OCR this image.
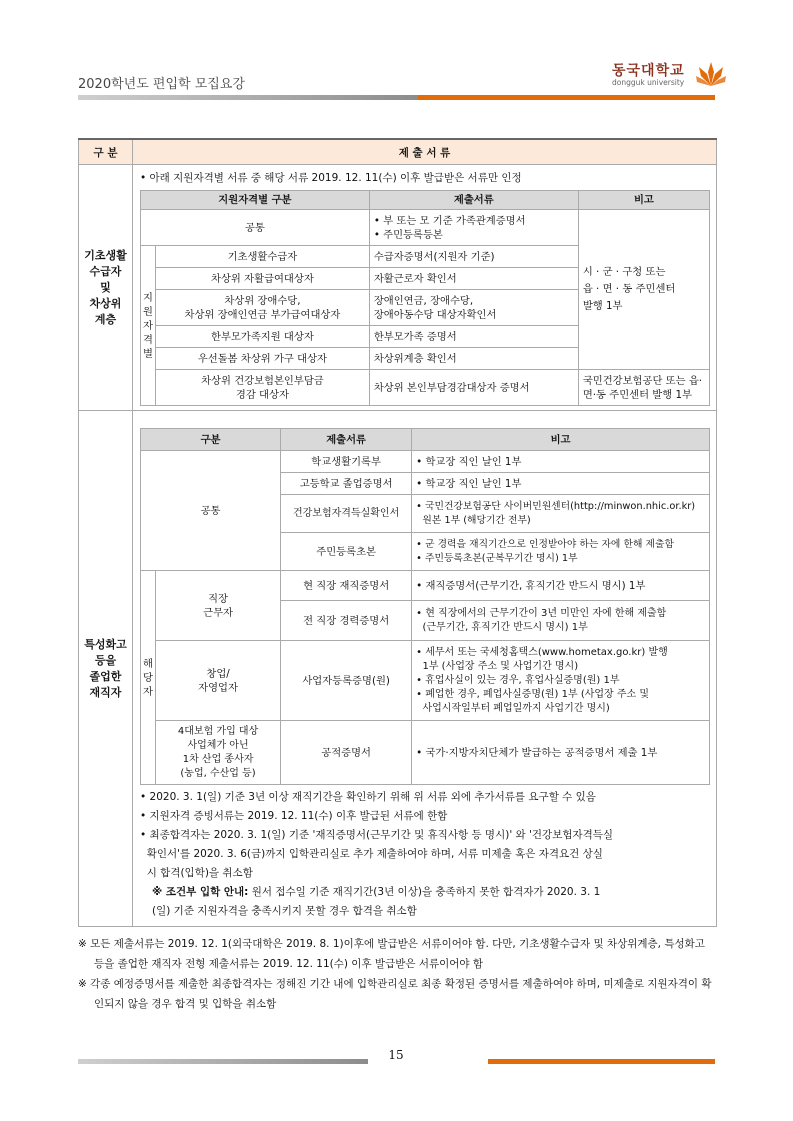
2020학년도 편입학 모집요강
동국대학교
dongguk university
구 분	제 출 서 류

기초생활
수급자
및
차상위
계층

• 아래 지원자격별 서류 중 해당 서류 2019. 12. 11(수) 이후 발급받은 서류만 인정
지원자격별 구분	제출서류	비고
공통	
• 부 또는 모 기준 가족관계증명서
• 주민등록등본
	시 · 군 · 구청 또는
읍 · 면 · 동 주민센터
발행 1부

지
원
자
격
별
	기초생활수급자	수급자증명서(지원자 기준)
차상위 자활급여대상자	자활근로자 확인서
차상위 장애수당,
차상위 장애인연금 부가급여대상자	장애인연금, 장애수당,
장애아동수당 대상자확인서
한부모가족지원 대상자	한부모가족 증명서
우선돌봄 차상위 가구 대상자	차상위계층 확인서
차상위 건강보험본인부담금
경감 대상자	차상위 본인부담경감대상자 증명서	국민건강보험공단 또는 읍·
면·동 주민센터 발행 1부

특성화고
등을
졸업한
재직자

구분	제출서류	비고
공통	학교생활기록부	• 학교장 직인 날인 1부
고등학교 졸업증명서	• 학교장 직인 날인 1부
건강보험자격득실확인서	• 국민건강보험공단 사이버민원센터(http://minwon.nhic.or.kr)
원본 1부 (해당기간 전부)
주민등록초본	• 군 경력을 재직기간으로 인정받아야 하는 자에 한해 제출함
• 주민등록초본(군복무기간 명시) 1부

해
당
자
	직장
근무자	현 직장 재직증명서	• 재직증명서(근무기간, 휴직기간 반드시 명시) 1부
전 직장 경력증명서	• 현 직장에서의 근무기간이 3년 미만인 자에 한해 제출함
(근무기간, 휴직기간 반드시 명시) 1부
창업/
자영업자	사업자등록증명(원)	• 세무서 또는 국세청홈택스(www.hometax.go.kr) 발행
1부 (사업장 주소 및 사업기간 명시)
• 휴업사실이 있는 경우, 휴업사실증명(원) 1부
• 폐업한 경우, 폐업사실증명(원) 1부 (사업장 주소 및
사업시작일부터 폐업일까지 사업기간 명시)
4대보험 가입 대상
사업체가 아닌
1차 산업 종사자
(농업, 수산업 등)	공적증명서	• 국가·지방자치단체가 발급하는 공적증명서 제출 1부
• 2020. 3. 1(일) 기준 3년 이상 재직기간을 확인하기 위해 위 서류 외에 추가서류를 요구할 수 있음
• 지원자격 증빙서류는 2019. 12. 11(수) 이후 발급된 서류에 한함
• 최종합격자는 2020. 3. 1(일) 기준 '재직증명서(근무기간 및 휴직사항 등 명시)' 와 '건강보험자격득실
확인서'를 2020. 3. 6(금)까지 입학관리실로 추가 제출하여야 하며, 서류 미제출 혹은 자격요건 상실
시 합격(입학)을 취소함
※ 조건부 입학 안내: 원서 접수일 기준 재직기간(3년 이상)을 충족하지 못한 합격자가 2020. 3. 1
(일) 기준 지원자격을 충족시키지 못할 경우 합격을 취소함

※ 모든 제출서류는 2019. 12. 1(외국대학은 2019. 8. 1)이후에 발급받은 서류이어야 함. 다만, 기초생활수급자 및 차상위계층, 특성화고 등을 졸업한 재직자 전형 제출서류는 2019. 12. 11(수) 이후 발급받은 서류이어야 함

※ 각종 예정증명서를 제출한 최종합격자는 정해진 기간 내에 입학관리실로 최종 확정된 증명서를 제출하여야 하며, 미제출로 지원자격이 확인되지 않을 경우 합격 및 입학을 취소함

15
